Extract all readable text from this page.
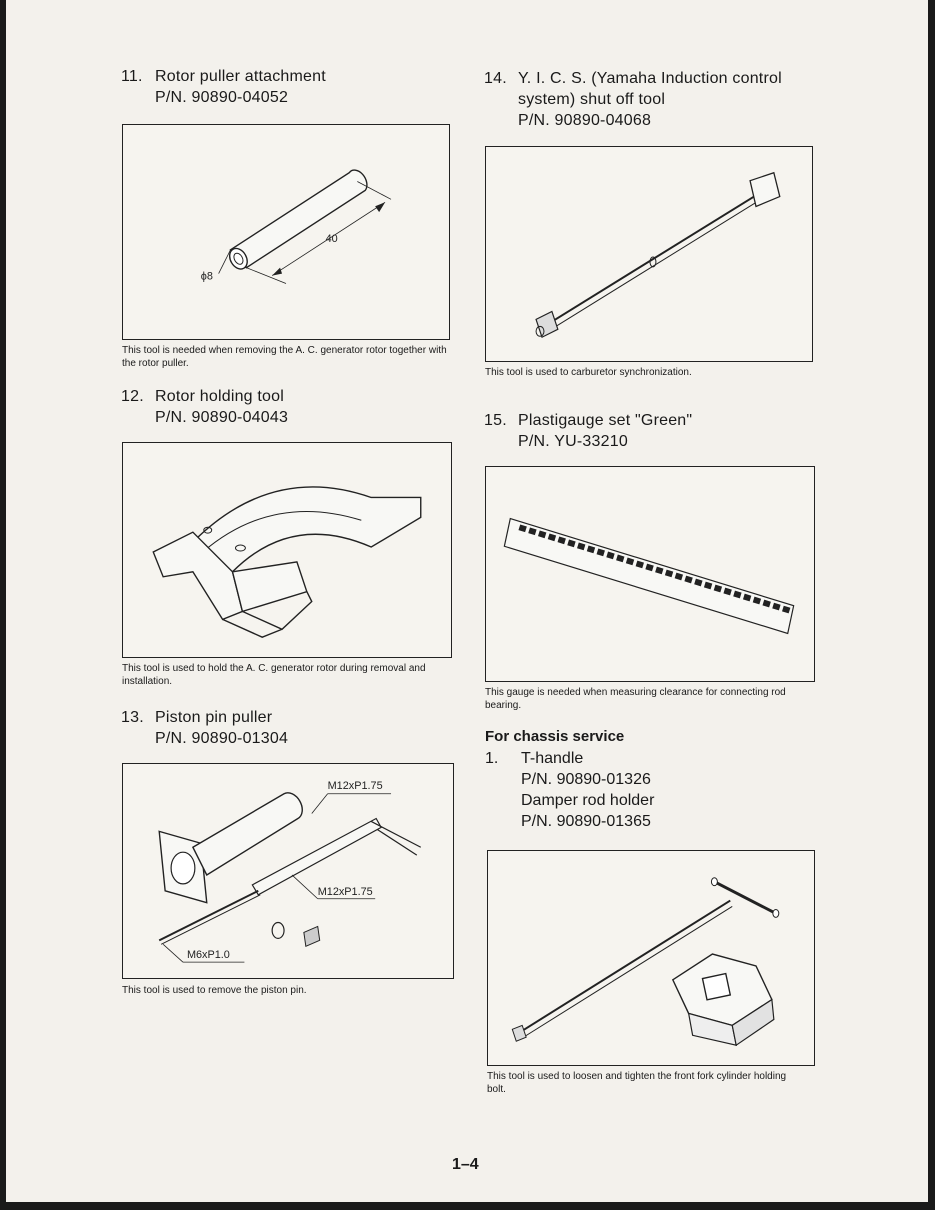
11. Rotor puller attachment
P/N. 90890-04052
40
ϕ8
This tool is needed when removing the A. C. generator rotor together with the rotor puller.
12. Rotor holding tool
P/N. 90890-04043
This tool is used to hold the A. C. generator rotor during removal and installation.
13. Piston pin puller
P/N. 90890-01304
M12xP1.75
M12xP1.75
M6xP1.0
This tool is used to remove the piston pin.
14. Y. I. C. S. (Yamaha Induction control
system) shut off tool
P/N. 90890-04068
This tool is used to carburetor synchronization.
15. Plastigauge set "Green"
P/N. YU-33210
This gauge is needed when measuring clearance for connecting rod bearing.
For chassis service
1. T-handle
P/N. 90890-01326
Damper rod holder
P/N. 90890-01365
This tool is used to loosen and tighten the front fork cylinder holding bolt.
1–4
